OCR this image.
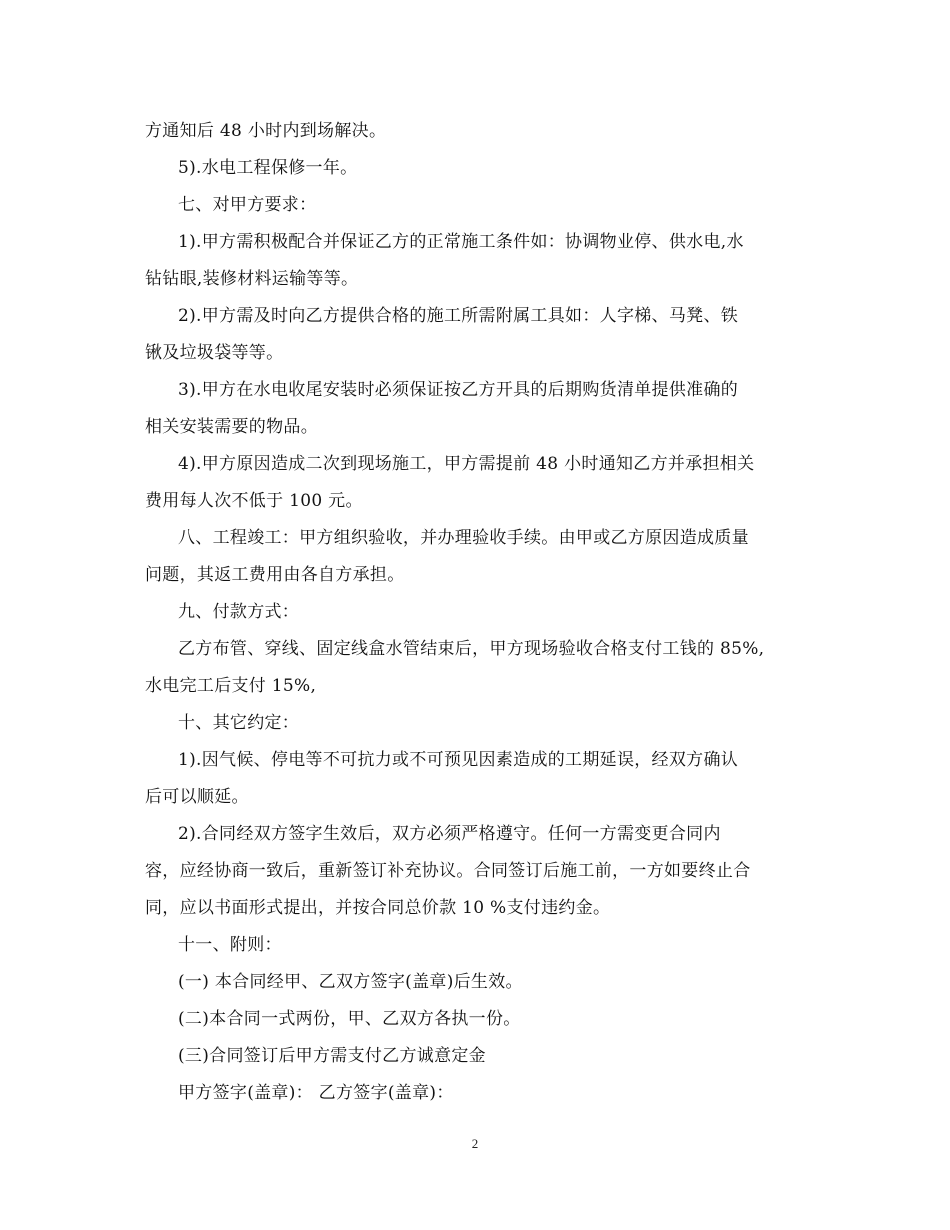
方通知后 48 小时内到场解决。
5).水电工程保修一年。
七、对甲方要求：
1).甲方需积极配合并保证乙方的正常施工条件如：协调物业停、供水电,水
钻钻眼,装修材料运输等等。
2).甲方需及时向乙方提供合格的施工所需附属工具如：人字梯、马凳、铁
锹及垃圾袋等等。
3).甲方在水电收尾安装时必须保证按乙方开具的后期购货清单提供准确的
相关安装需要的物品。
4).甲方原因造成二次到现场施工，甲方需提前 48 小时通知乙方并承担相关
费用每人次不低于 100 元。
八、工程竣工：甲方组织验收，并办理验收手续。由甲或乙方原因造成质量
问题，其返工费用由各自方承担。
九、付款方式：
乙方布管、穿线、固定线盒水管结束后，甲方现场验收合格支付工钱的 85%,
水电完工后支付 15%,
十、其它约定：
1).因气候、停电等不可抗力或不可预见因素造成的工期延误，经双方确认
后可以顺延。
2).合同经双方签字生效后，双方必须严格遵守。任何一方需变更合同内
容，应经协商一致后，重新签订补充协议。合同签订后施工前，一方如要终止合
同，应以书面形式提出，并按合同总价款 10 %支付违约金。
十一、附则：
(一) 本合同经甲、乙双方签字(盖章)后生效。
(二)本合同一式两份，甲、乙双方各执一份。
(三)合同签订后甲方需支付乙方诚意定金
甲方签字(盖章)： 乙方签字(盖章)：
2
